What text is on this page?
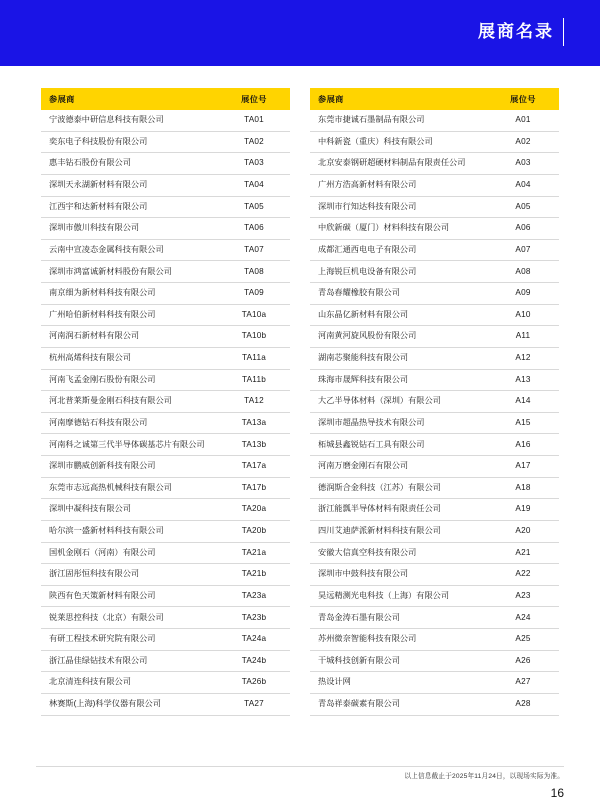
展商名录
参展商	展位号
宁波德泰中研信息科技有限公司	TA01
奕东电子科技股份有限公司	TA02
惠丰钻石股份有限公司	TA03
深圳天永湖新材料有限公司	TA04
江西宇和达新材料有限公司	TA05
深圳市傲川科技有限公司	TA06
云南中宣凌态金属科技有限公司	TA07
深圳市鸿富诚新材料股份有限公司	TA08
南京细为新材料科技有限公司	TA09
广州哈伯新材料科技有限公司	TA10a
河南润石新材料有限公司	TA10b
杭州高烯科技有限公司	TA11a
河南飞孟金刚石股份有限公司	TA11b
河北普莱斯曼金刚石科技有限公司	TA12
河南摩德钻石科技有限公司	TA13a
河南科之诚第三代半导体碳基芯片有限公司	TA13b
深圳市鹏威创新科技有限公司	TA17a
东莞市志远高热机械科技有限公司	TA17b
深圳中凝科技有限公司	TA20a
哈尔滨一盛新材料科技有限公司	TA20b
国机金刚石（河南）有限公司	TA21a
浙江固彤恒科技有限公司	TA21b
陕西有色天策新材料有限公司	TA23a
锐莱思控科技（北京）有限公司	TA23b
有研工程技术研究院有限公司	TA24a
浙江晶佳绿钻技术有限公司	TA24b
北京清连科技有限公司	TA26b
林赛斯(上海)科学仪器有限公司	TA27
参展商	展位号
东莞市捷诚石墨制品有限公司	A01
中科新瓷（重庆）科技有限公司	A02
北京安泰钢研超硬材料制品有限责任公司	A03
广州方浩高新材料有限公司	A04
深圳市行知达科技有限公司	A05
中欣新碳（厦门）材料科技有限公司	A06
成都汇通西电电子有限公司	A07
上海锐巨机电设备有限公司	A08
青岛春耀橡胶有限公司	A09
山东晶亿新材料有限公司	A10
河南黄河旋风股份有限公司	A11
湖南芯聚能科技有限公司	A12
珠海市晟辉科技有限公司	A13
大乙半导体材料（深圳）有限公司	A14
深圳市超晶热导技术有限公司	A15
柘城县鑫锐钻石工具有限公司	A16
河南万磨金刚石有限公司	A17
德润斯合金科技（江苏）有限公司	A18
浙江能瓢半导体材料有限责任公司	A19
四川艾迪萨派新材料科技有限公司	A20
安徽大信真空科技有限公司	A21
深圳市中鼓科技有限公司	A22
昊远精测光电科技（上海）有限公司	A23
青岛金涛石墨有限公司	A24
苏州微奈智能科技有限公司	A25
干城科技创新有限公司	A26
热设计网	A27
青岛祥泰碳素有限公司	A28
以上信息截止于2025年11月24日，以现场实际为准。
16
